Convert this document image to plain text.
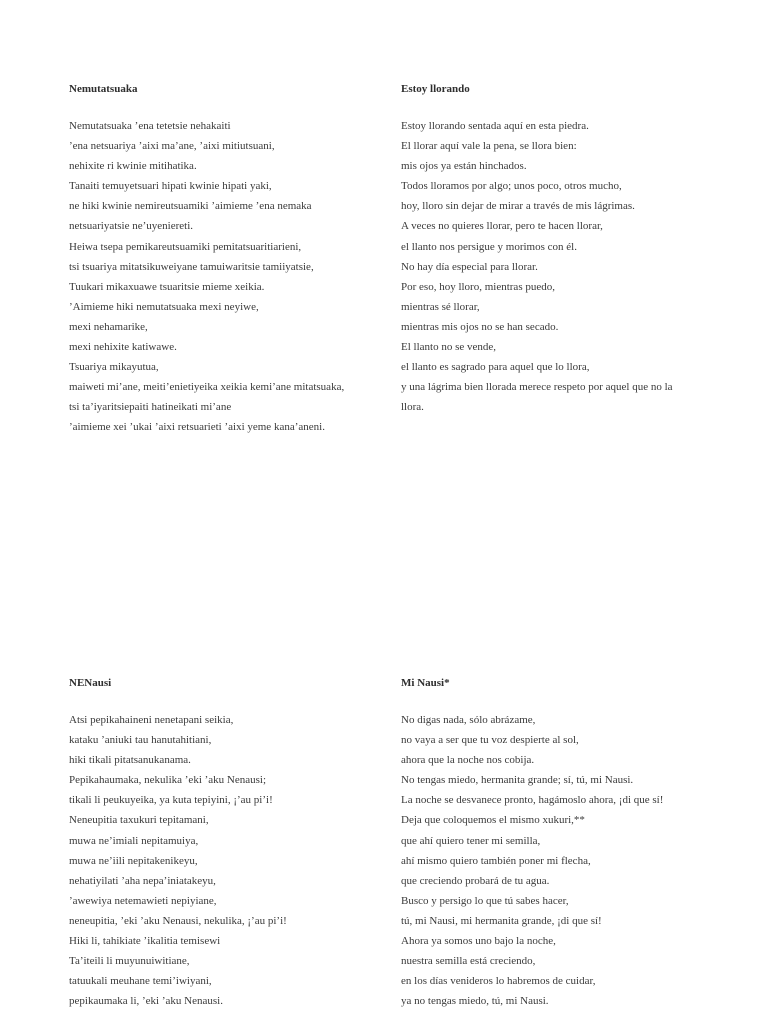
Nemutatsuaka
Nemutatsuaka ʼena tetetsie nehakaiti
ʼena netsuariya ʼaixi maʼane, ʼaixi mitiutsuani,
nehixite ri kwinie mitihatika.
Tanaiti temuyetsuari hipati kwinie hipati yaki,
ne hiki kwinie nemireutsuamiki ʼaimieme ʼena nemaka
netsuariyatsie neʼuyeniereti.
Heiwa tsepa pemikareutsuamiki pemitatsuaritiarieni,
tsi tsuariya mitatsikuweiyane tamuiwaritsie tamiiyatsie,
Tuukari mikaxuawe tsuaritsie mieme xeikia.
ʼAimieme hiki nemutatsuaka mexi neyiwe,
mexi nehamarike,
mexi nehixite katiwawe.
Tsuariya mikayutua,
maiweti miʼane, meitiʼenietiyeika xeikia kemiʼane mitatsuaka,
tsi taʼiyaritsiepaiti hatineikati miʼane
ʼaimieme xei ʼukai ʼaixi retsuarieti ʼaixi yeme kanaʼaneni.
Estoy llorando
Estoy llorando sentada aquí en esta piedra.
El llorar aquí vale la pena, se llora bien:
mis ojos ya están hinchados.
Todos lloramos por algo; unos poco, otros mucho,
hoy, lloro sin dejar de mirar a través de mis lágrimas.
A veces no quieres llorar, pero te hacen llorar,
el llanto nos persigue y morimos con él.
No hay día especial para llorar.
Por eso, hoy lloro, mientras puedo,
mientras sé llorar,
mientras mis ojos no se han secado.
El llanto no se vende,
el llanto es sagrado para aquel que lo llora,
y una lágrima bien llorada merece respeto por aquel que no la
llora.
NENausi
Atsi pepikahaineni nenetapani seikia,
kataku ʼaniuki tau hanutahitiani,
hiki tikali pitatsanukanama.
Pepikahaumaka, nekulika ʼeki ʼaku Nenausi;
tikali li peukuyeika, ya kuta tepiyini, ¡ʼau piʼi!
Neneupitia taxukuri tepitamani,
muwa neʼimiali nepitamuiya,
muwa neʼiili nepitakenikeyu,
nehatiyilati ʼaha nepaʼiniatakeyu,
ʼawewiya netemawieti nepiyiane,
neneupitia, ʼeki ʼaku Nenausi, nekulika, ¡ʼau piʼi!
Hiki li, tahikiate ʼikalitia temisewi
Taʼiteili li muyunuiwitiane,
tatuukali meuhane temiʼiwiyani,
pepikaumaka li, ʼeki ʼaku Nenausi.
Mi Nausi*
No digas nada, sólo abrázame,
no vaya a ser que tu voz despierte al sol,
ahora que la noche nos cobija.
No tengas miedo, hermanita grande; sí, tú, mi Nausi.
La noche se desvanece pronto, hagámoslo ahora, ¡di que sí!
Deja que coloquemos el mismo xukuri,**
que ahí quiero tener mi semilla,
ahí mismo quiero también poner mi flecha,
que creciendo probará de tu agua.
Busco y persigo lo que tú sabes hacer,
tú, mi Nausi, mi hermanita grande, ¡di que sí!
Ahora ya somos uno bajo la noche,
nuestra semilla está creciendo,
en los días venideros lo habremos de cuidar,
ya no tengas miedo, tú, mi Nausi.
